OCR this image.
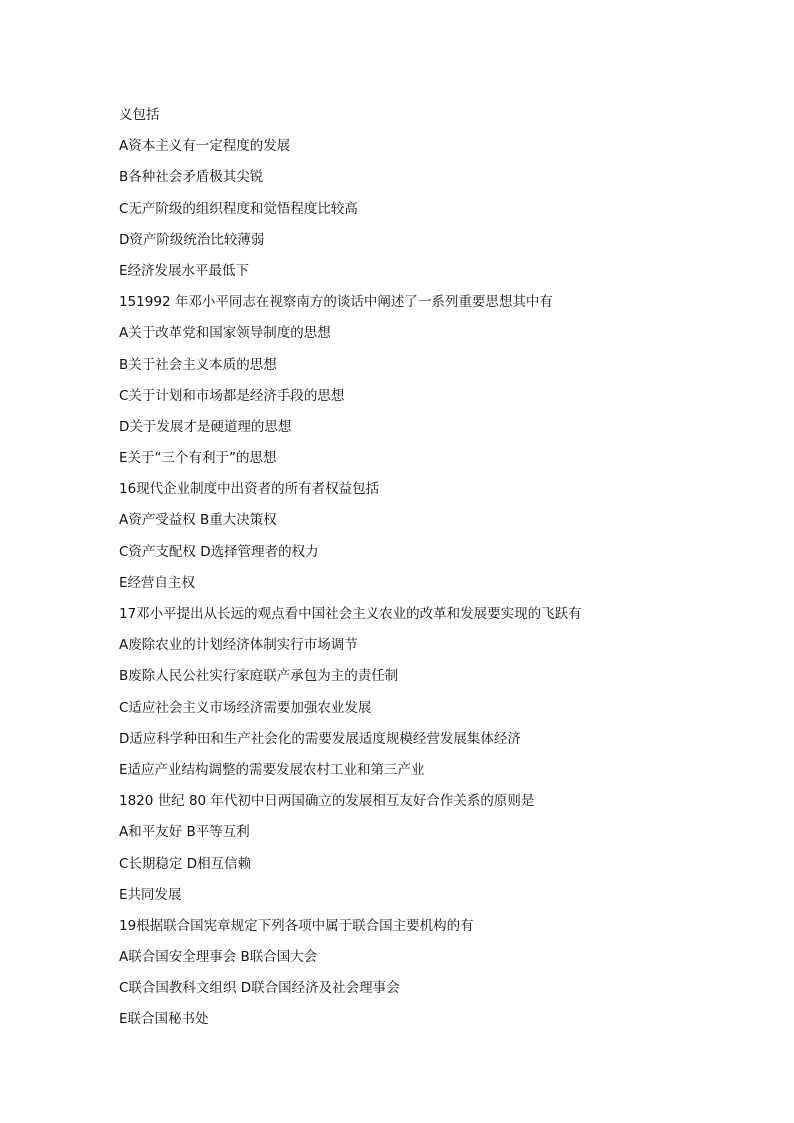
义包括
A资本主义有一定程度的发展
B各种社会矛盾极其尖锐
C无产阶级的组织程度和觉悟程度比较高
D资产阶级统治比较薄弱
E经济发展水平最低下
151992 年邓小平同志在视察南方的谈话中阐述了一系列重要思想其中有
A关于改革党和国家领导制度的思想
B关于社会主义本质的思想
C关于计划和市场都是经济手段的思想
D关于发展才是硬道理的思想
E关于“三个有利于”的思想
16现代企业制度中出资者的所有者权益包括
A资产受益权 B重大决策权
C资产支配权 D选择管理者的权力
E经营自主权
17邓小平提出从长远的观点看中国社会主义农业的改革和发展要实现的飞跃有
A废除农业的计划经济体制实行市场调节
B废除人民公社实行家庭联产承包为主的责任制
C适应社会主义市场经济需要加强农业发展
D适应科学种田和生产社会化的需要发展适度规模经营发展集体经济
E适应产业结构调整的需要发展农村工业和第三产业
1820 世纪 80 年代初中日两国确立的发展相互友好合作关系的原则是
A和平友好 B平等互利
C长期稳定 D相互信赖
E共同发展
19根据联合国宪章规定下列各项中属于联合国主要机构的有
A联合国安全理事会 B联合国大会
C联合国教科文组织 D联合国经济及社会理事会
E联合国秘书处
